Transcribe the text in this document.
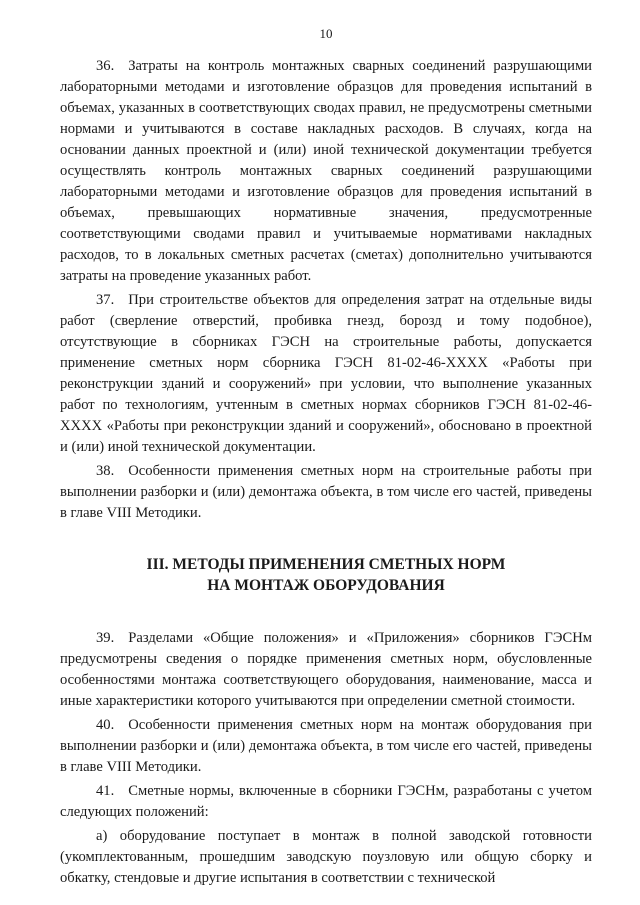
10

36. Затраты на контроль монтажных сварных соединений разрушающими лабораторными методами и изготовление образцов для проведения испытаний в объемах, указанных в соответствующих сводах правил, не предусмотрены сметными нормами и учитываются в составе накладных расходов. В случаях, когда на основании данных проектной и (или) иной технической документации требуется осуществлять контроль монтажных сварных соединений разрушающими лабораторными методами и изготовление образцов для проведения испытаний в объемах, превышающих нормативные значения, предусмотренные соответствующими сводами правил и учитываемые нормативами накладных расходов, то в локальных сметных расчетах (сметах) дополнительно учитываются затраты на проведение указанных работ.

37. При строительстве объектов для определения затрат на отдельные виды работ (сверление отверстий, пробивка гнезд, борозд и тому подобное), отсутствующие в сборниках ГЭСН на строительные работы, допускается применение сметных норм сборника ГЭСН 81-02-46-ХХХХ «Работы при реконструкции зданий и сооружений» при условии, что выполнение указанных работ по технологиям, учтенным в сметных нормах сборников ГЭСН 81-02-46-ХХХХ «Работы при реконструкции зданий и сооружений», обосновано в проектной и (или) иной технической документации.

38. Особенности применения сметных норм на строительные работы при выполнении разборки и (или) демонтажа объекта, в том числе его частей, приведены в главе VIII Методики.

III. МЕТОДЫ ПРИМЕНЕНИЯ СМЕТНЫХ НОРМ
НА МОНТАЖ ОБОРУДОВАНИЯ

39. Разделами «Общие положения» и «Приложения» сборников ГЭСНм предусмотрены сведения о порядке применения сметных норм, обусловленные особенностями монтажа соответствующего оборудования, наименование, масса и иные характеристики которого учитываются при определении сметной стоимости.

40. Особенности применения сметных норм на монтаж оборудования при выполнении разборки и (или) демонтажа объекта, в том числе его частей, приведены в главе VIII Методики.

41. Сметные нормы, включенные в сборники ГЭСНм, разработаны с учетом следующих положений:

а) оборудование поступает в монтаж в полной заводской готовности (укомплектованным, прошедшим заводскую поузловую или общую сборку и обкатку, стендовые и другие испытания в соответствии с технической
